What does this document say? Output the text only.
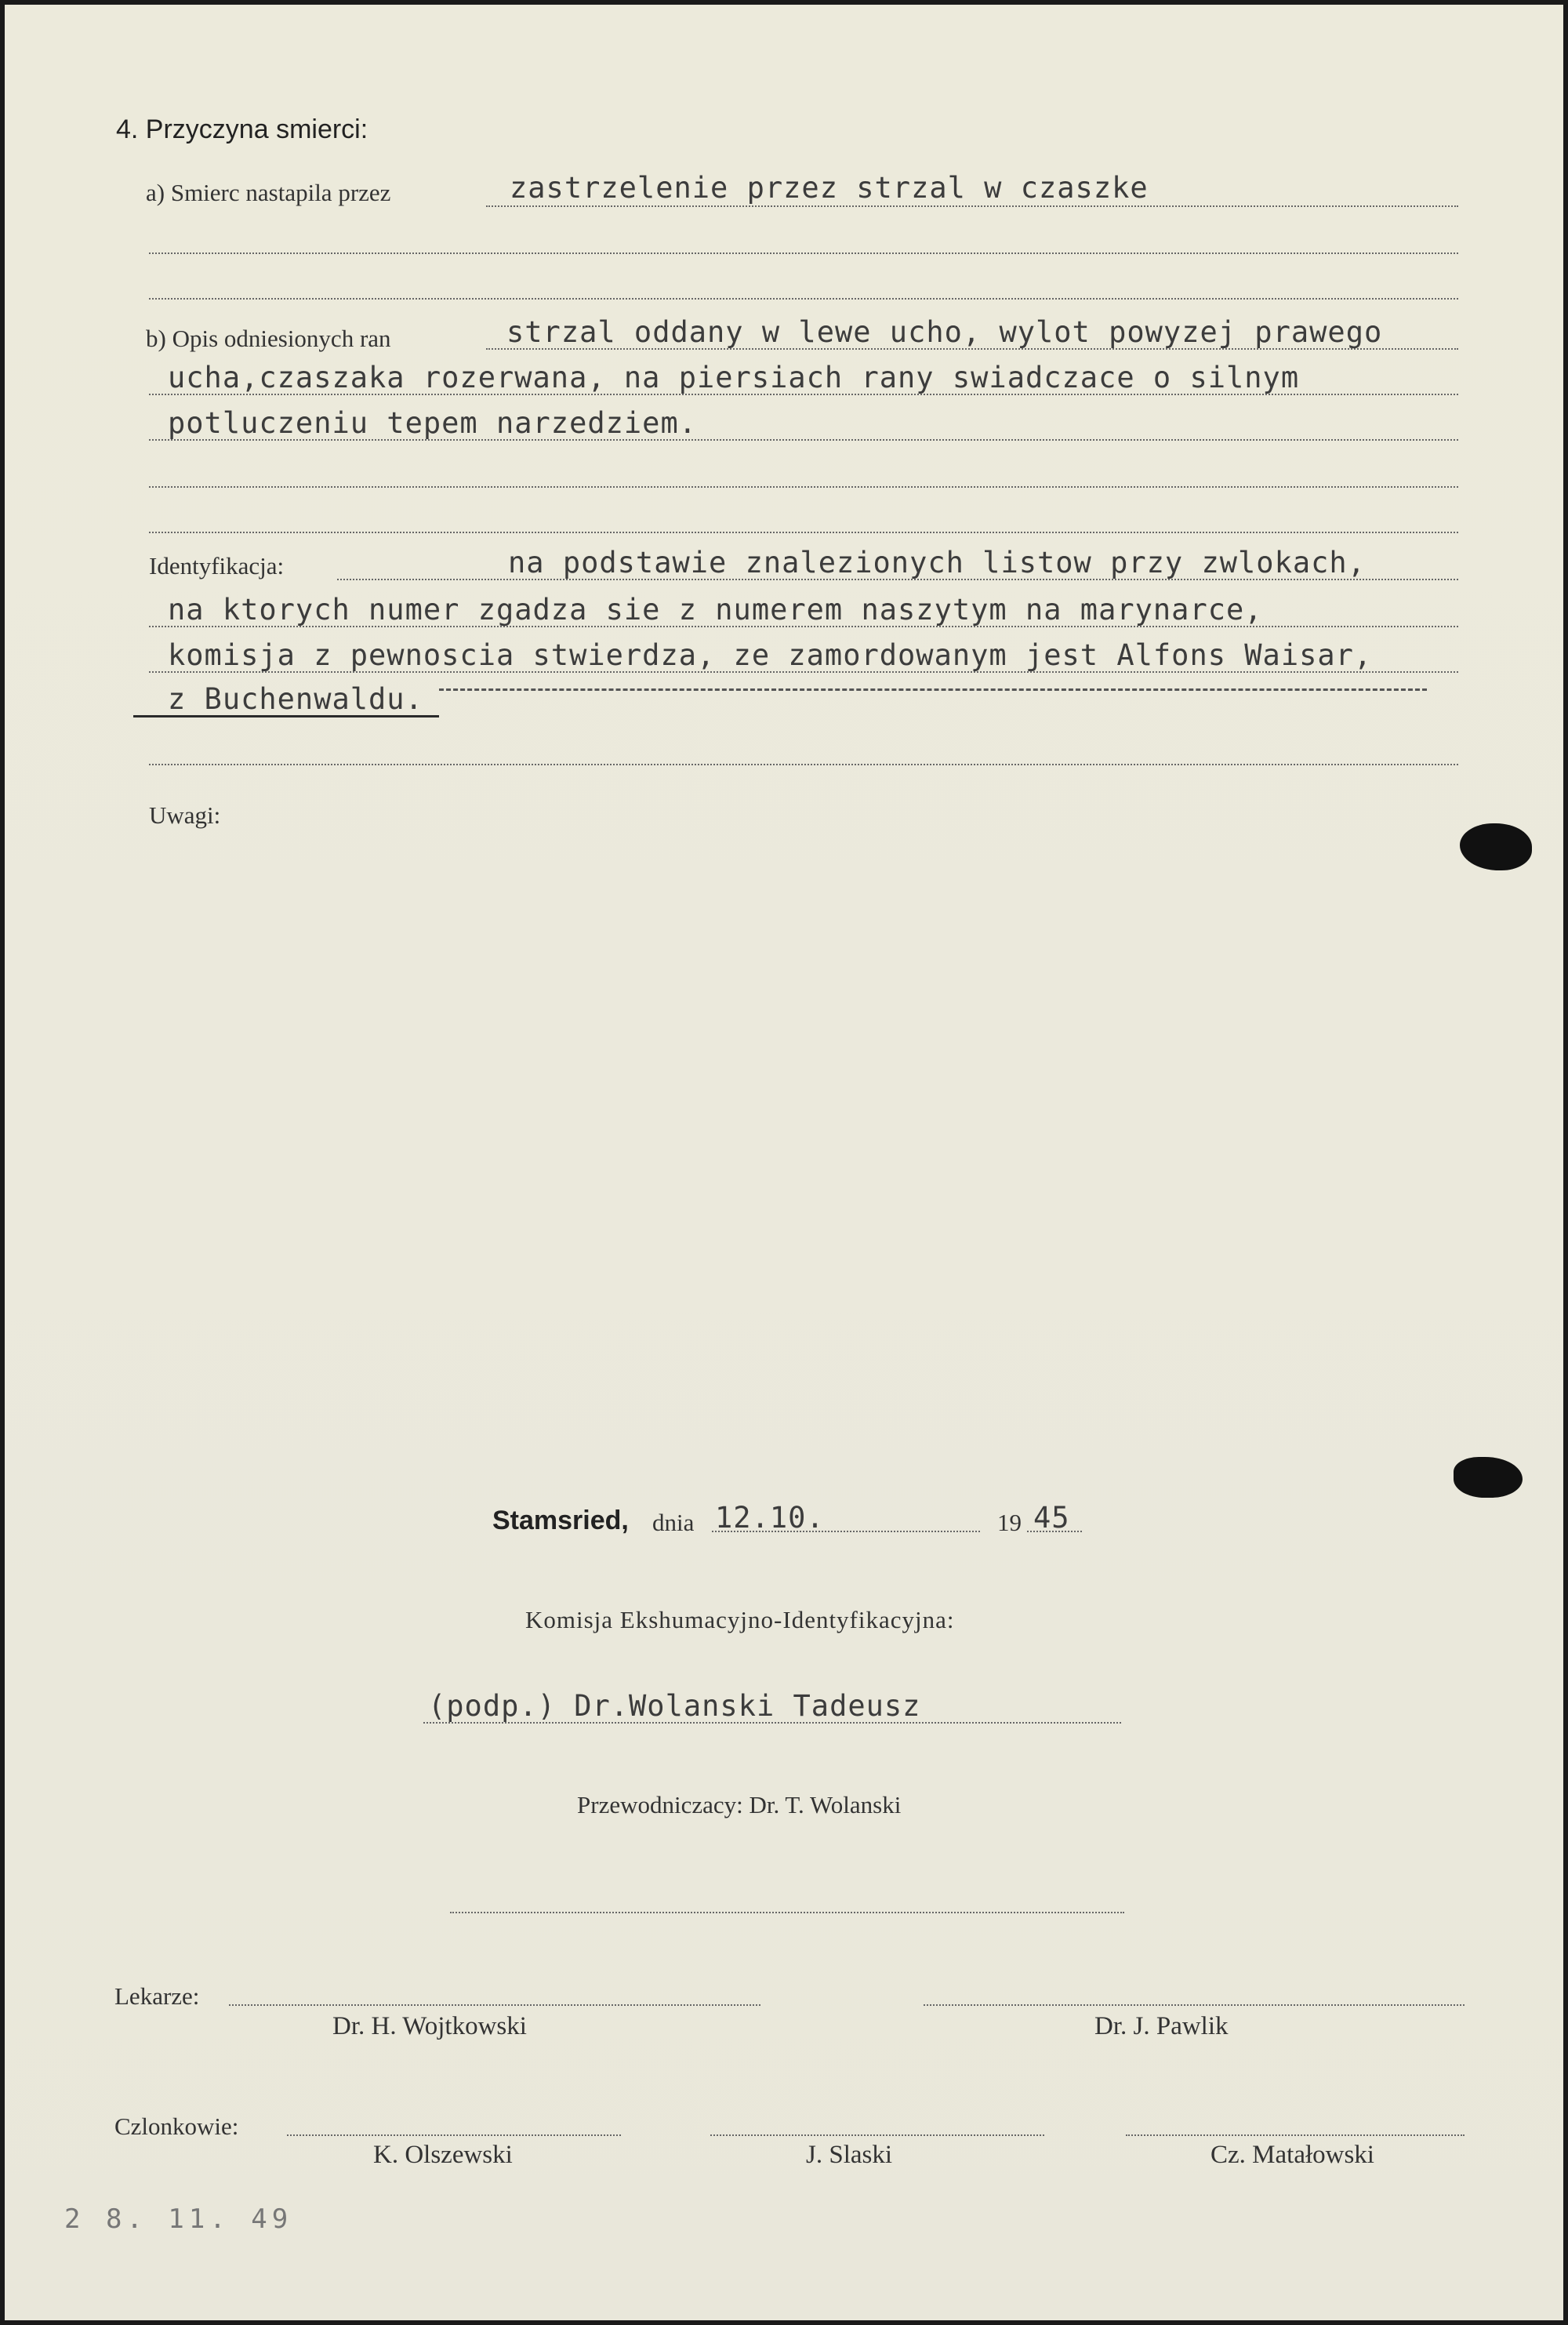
4. Przyczyna smierci:
a) Smierc nastapila przez	zastrzelenie przez strzal w czaszke
b) Opis odniesionych ran	strzal oddany w lewe ucho, wylot powyzej prawego
ucha,czaszaka rozerwana, na piersiach rany swiadczace o silnym
potluczeniu tepem narzedziem.
Identyfikacja:	na podstawie znalezionych listow przy zwlokach,
na ktorych numer zgadza sie z numerem naszytym na marynarce,
komisja z pewnoscia stwierdza, ze zamordowanym jest Alfons Waisar,
z Buchenwaldu.
Uwagi:
Stamsried, dnia 12.10.	19 45
Komisja Ekshumacyjno-Identyfikacyjna:
(podp.) Dr.Wolanski Tadeusz
Przewodniczacy: Dr. T. Wolanski
Lekarze:
Dr. H. Wojtkowski	Dr. J. Pawlik
Czlonkowie:
K. Olszewski	J. Slaski	Cz. Matałowski
2 8. 11. 49
